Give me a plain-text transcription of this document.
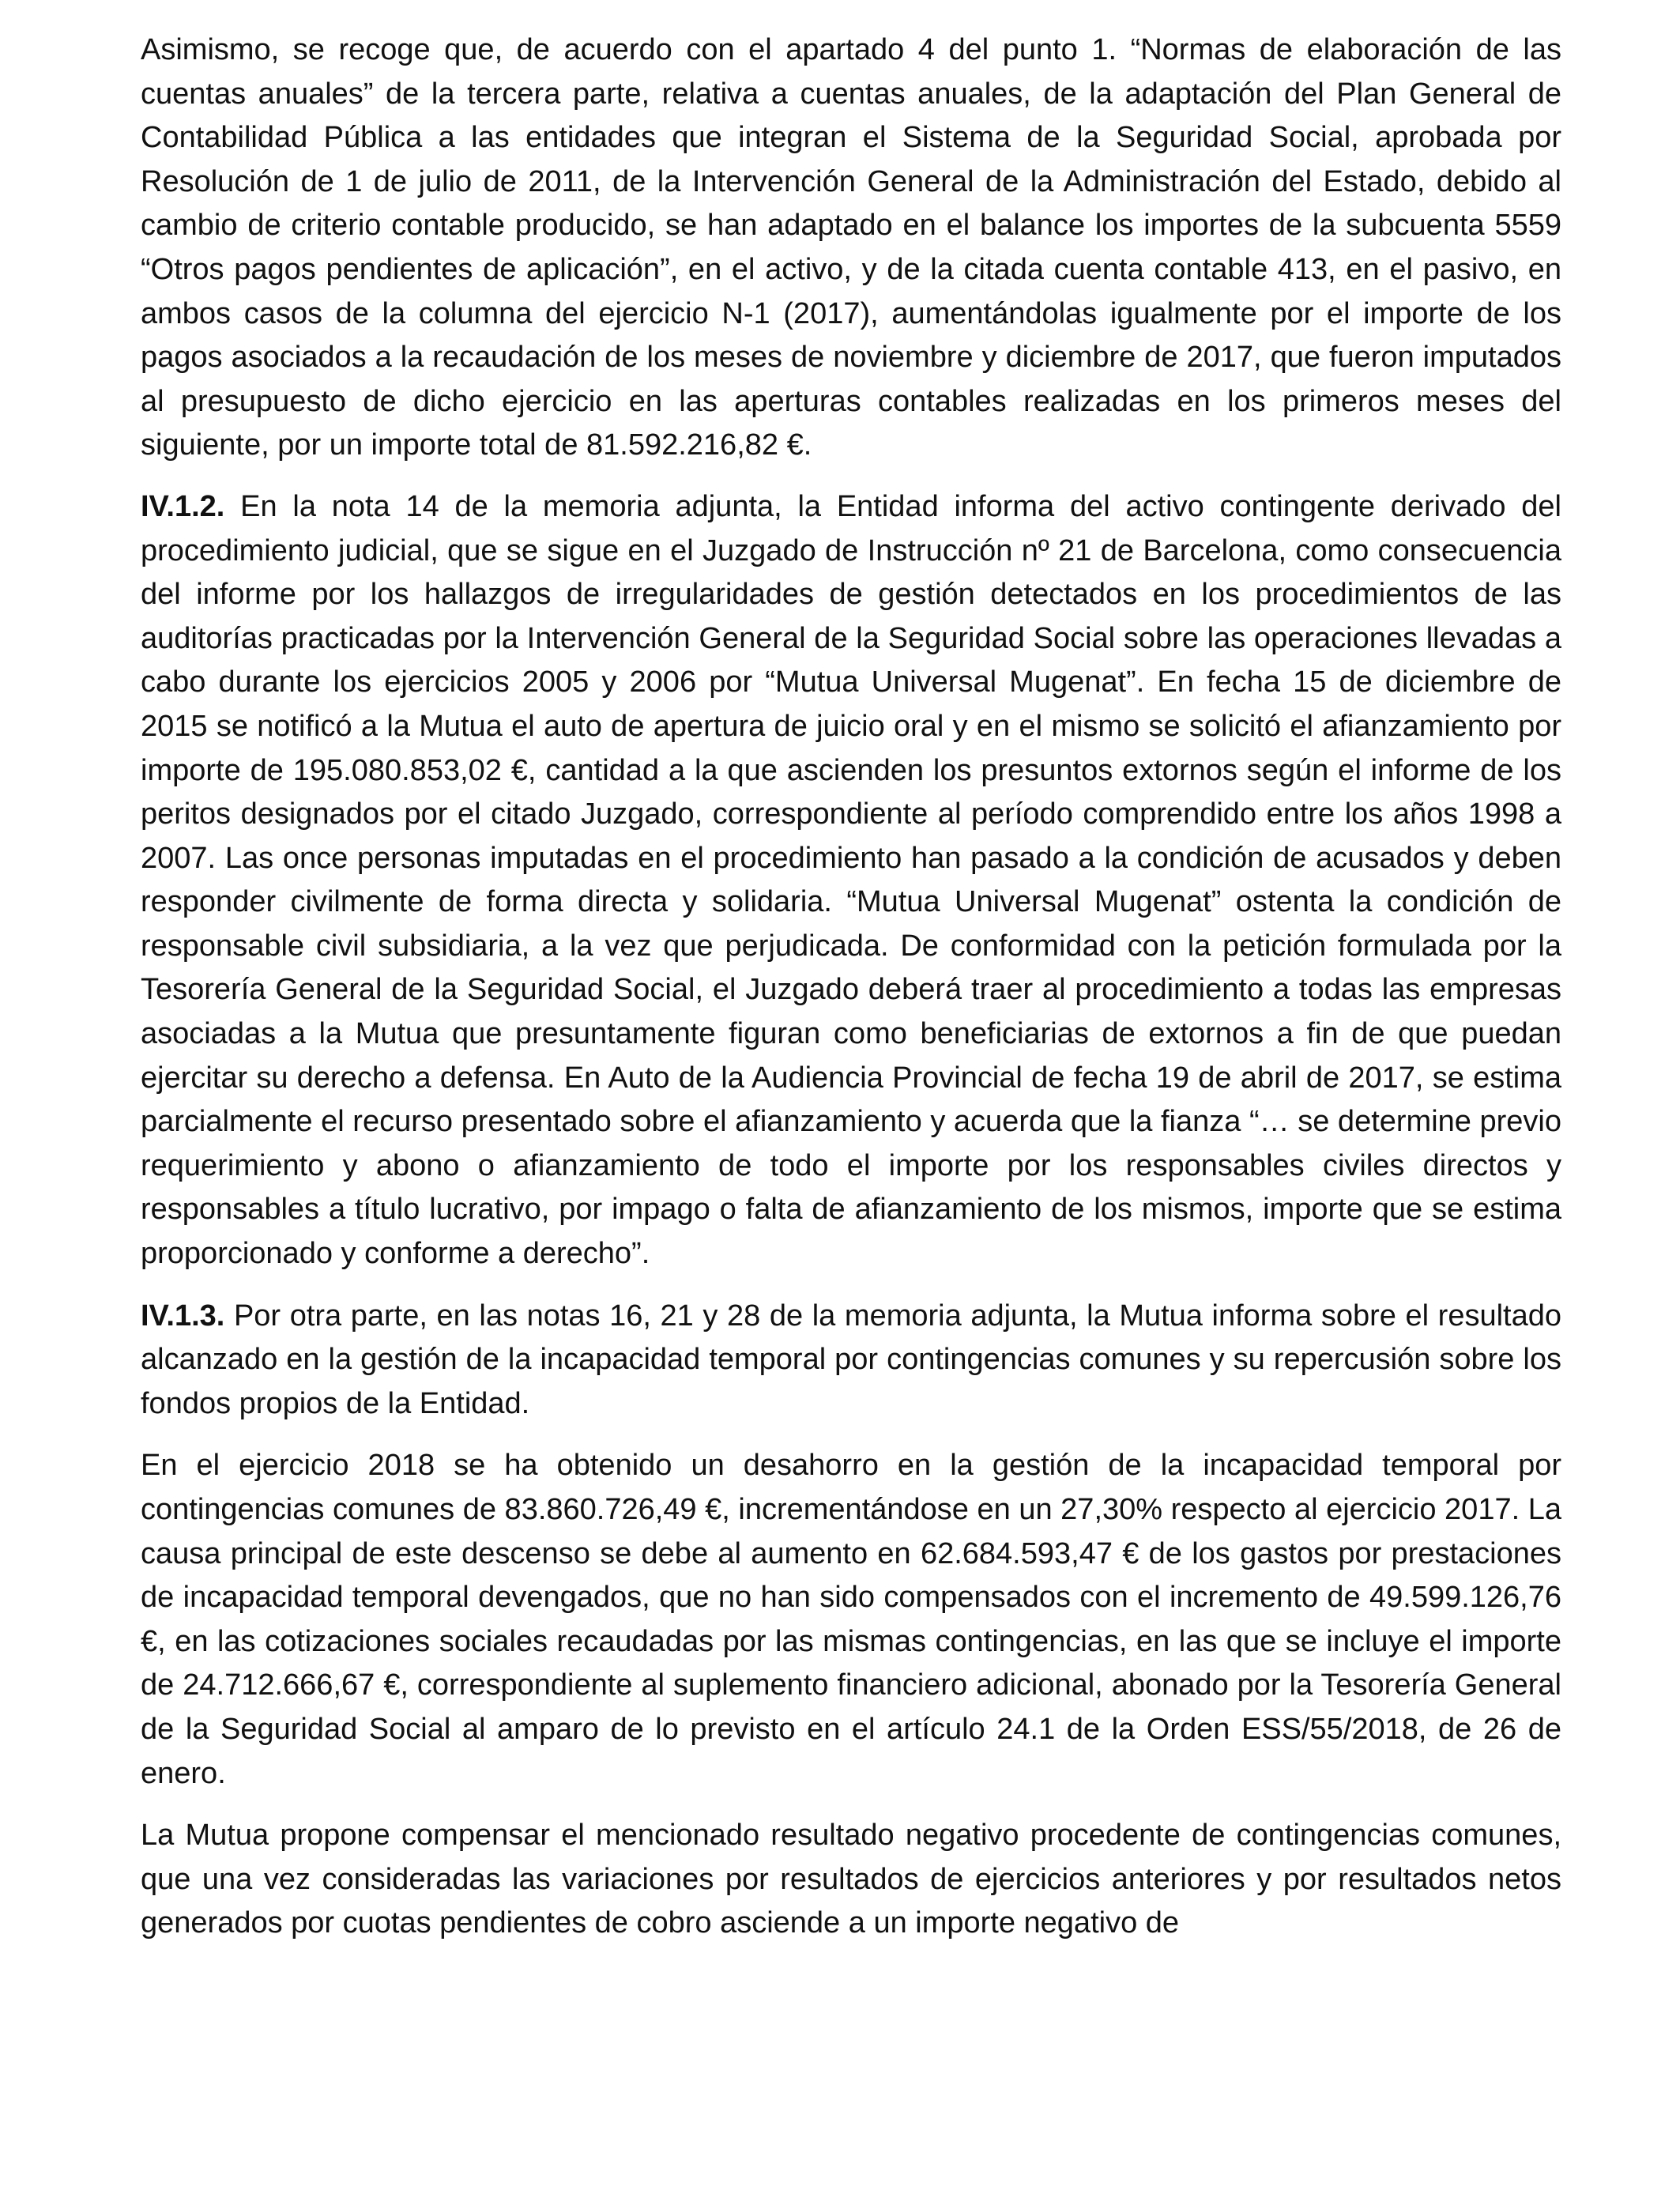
Asimismo, se recoge que, de acuerdo con el apartado 4 del punto 1. “Normas de elaboración de las cuentas anuales” de la tercera parte, relativa a cuentas anuales, de la adaptación del Plan General de Contabilidad Pública a las entidades que integran el Sistema de la Seguridad Social, aprobada por Resolución de 1 de julio de 2011, de la Intervención General de la Administración del Estado, debido al cambio de criterio contable producido, se han adaptado en el balance los importes de la subcuenta 5559 “Otros pagos pendientes de aplicación”, en el activo, y de la citada cuenta contable 413, en el pasivo, en ambos casos de la columna del ejercicio N-1 (2017), aumentándolas igualmente por el importe de los pagos asociados a la recaudación de los meses de noviembre y diciembre de 2017, que fueron imputados al presupuesto de dicho ejercicio en las aperturas contables realizadas en los primeros meses del siguiente, por un importe total de 81.592.216,82 €.

IV.1.2. En la nota 14 de la memoria adjunta, la Entidad informa del activo contingente derivado del procedimiento judicial, que se sigue en el Juzgado de Instrucción nº 21 de Barcelona, como consecuencia del informe por los hallazgos de irregularidades de gestión detectados en los procedimientos de las auditorías practicadas por la Intervención General de la Seguridad Social sobre las operaciones llevadas a cabo durante los ejercicios 2005 y 2006 por “Mutua Universal Mugenat”. En fecha 15 de diciembre de 2015 se notificó a la Mutua el auto de apertura de juicio oral y en el mismo se solicitó el afianzamiento por importe de 195.080.853,02 €, cantidad a la que ascienden los presuntos extornos según el informe de los peritos designados por el citado Juzgado, correspondiente al período comprendido entre los años 1998 a 2007. Las once personas imputadas en el procedimiento han pasado a la condición de acusados y deben responder civilmente de forma directa y solidaria. “Mutua Universal Mugenat” ostenta la condición de responsable civil subsidiaria, a la vez que perjudicada. De conformidad con la petición formulada por la Tesorería General de la Seguridad Social, el Juzgado deberá traer al procedimiento a todas las empresas asociadas a la Mutua que presuntamente figuran como beneficiarias de extornos a fin de que puedan ejercitar su derecho a defensa. En Auto de la Audiencia Provincial de fecha 19 de abril de 2017, se estima parcialmente el recurso presentado sobre el afianzamiento y acuerda que la fianza “… se determine previo requerimiento y abono o afianzamiento de todo el importe por los responsables civiles directos y responsables a título lucrativo, por impago o falta de afianzamiento de los mismos, importe que se estima proporcionado y conforme a derecho”.

IV.1.3. Por otra parte, en las notas 16, 21 y 28 de la memoria adjunta, la Mutua informa sobre el resultado alcanzado en la gestión de la incapacidad temporal por contingencias comunes y su repercusión sobre los fondos propios de la Entidad.

En el ejercicio 2018 se ha obtenido un desahorro en la gestión de la incapacidad temporal por contingencias comunes de 83.860.726,49 €, incrementándose en un 27,30% respecto al ejercicio 2017. La causa principal de este descenso se debe al aumento en 62.684.593,47 € de los gastos por prestaciones de incapacidad temporal devengados, que no han sido compensados con el incremento de 49.599.126,76 €, en las cotizaciones sociales recaudadas por las mismas contingencias, en las que se incluye el importe de 24.712.666,67 €, correspondiente al suplemento financiero adicional, abonado por la Tesorería General de la Seguridad Social al amparo de lo previsto en el artículo 24.1 de la Orden ESS/55/2018, de 26 de enero.

La Mutua propone compensar el mencionado resultado negativo procedente de contingencias comunes, que una vez consideradas las variaciones por resultados de ejercicios anteriores y por resultados netos generados por cuotas pendientes de cobro asciende a un importe negativo de
